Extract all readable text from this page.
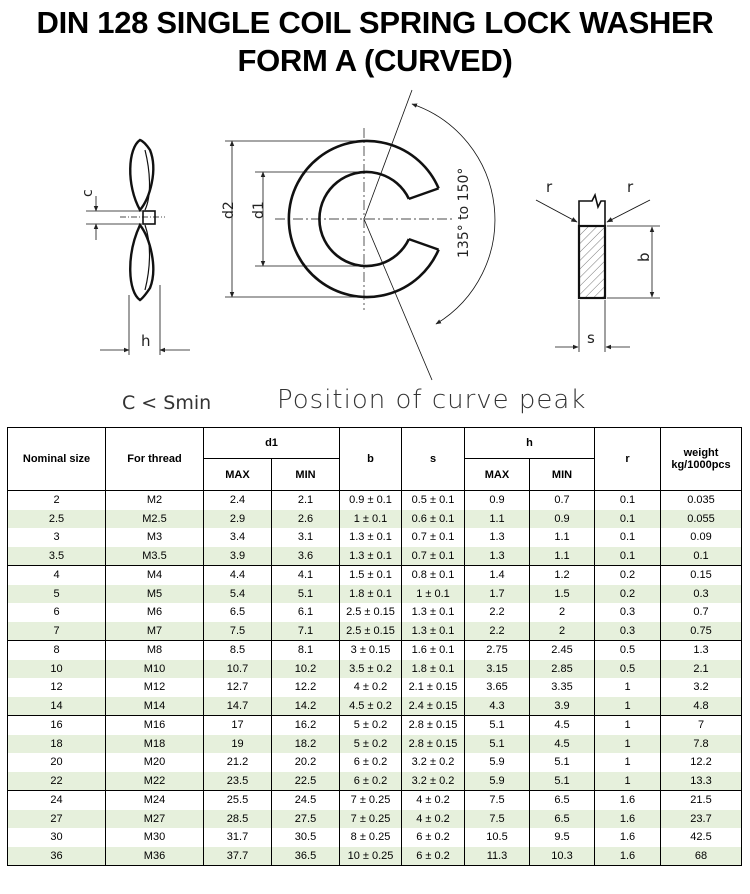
DIN 128 SINGLE COIL SPRING LOCK WASHER
FORM A (CURVED)
c
h
d2 d1	135° to 150°	r	r
b
s
C < Smin	Position of curve peak
Nominal size	For thread	d1		b	s	h		r	weight
kg/1000pcs

		MAX	MIN			MAX	MIN		
2	M2	2.4	2.1	0.9 ± 0.1	0.5 ± 0.1	0.9	0.7	0.1	0.035
2.5	M2.5	2.9	2.6	1 ± 0.1	0.6 ± 0.1	1.1	0.9	0.1	0.055
3	M3	3.4	3.1	1.3 ± 0.1	0.7 ± 0.1	1.3	1.1	0.1	0.09
3.5	M3.5	3.9	3.6	1.3 ± 0.1	0.7 ± 0.1	1.3	1.1	0.1	0.1
4	M4	4.4	4.1	1.5 ± 0.1	0.8 ± 0.1	1.4	1.2	0.2	0.15
5	M5	5.4	5.1	1.8 ± 0.1	1 ± 0.1	1.7	1.5	0.2	0.3
6	M6	6.5	6.1	2.5 ± 0.15	1.3 ± 0.1	2.2	2	0.3	0.7
7	M7	7.5	7.1	2.5 ± 0.15	1.3 ± 0.1	2.2	2	0.3	0.75
8	M8	8.5	8.1	3 ± 0.15	1.6 ± 0.1	2.75	2.45	0.5	1.3
10	M10	10.7	10.2	3.5 ± 0.2	1.8 ± 0.1	3.15	2.85	0.5	2.1
12	M12	12.7	12.2	4 ± 0.2	2.1 ± 0.15	3.65	3.35	1	3.2
14	M14	14.7	14.2	4.5 ± 0.2	2.4 ± 0.15	4.3	3.9	1	4.8
16	M16	17	16.2	5 ± 0.2	2.8 ± 0.15	5.1	4.5	1	7
18	M18	19	18.2	5 ± 0.2	2.8 ± 0.15	5.1	4.5	1	7.8
20	M20	21.2	20.2	6 ± 0.2	3.2 ± 0.2	5.9	5.1	1	12.2
22	M22	23.5	22.5	6 ± 0.2	3.2 ± 0.2	5.9	5.1	1	13.3
24	M24	25.5	24.5	7 ± 0.25	4 ± 0.2	7.5	6.5	1.6	21.5
27	M27	28.5	27.5	7 ± 0.25	4 ± 0.2	7.5	6.5	1.6	23.7
30	M30	31.7	30.5	8 ± 0.25	6 ± 0.2	10.5	9.5	1.6	42.5
36	M36	37.7	36.5	10 ± 0.25	6 ± 0.2	11.3	10.3	1.6	68
